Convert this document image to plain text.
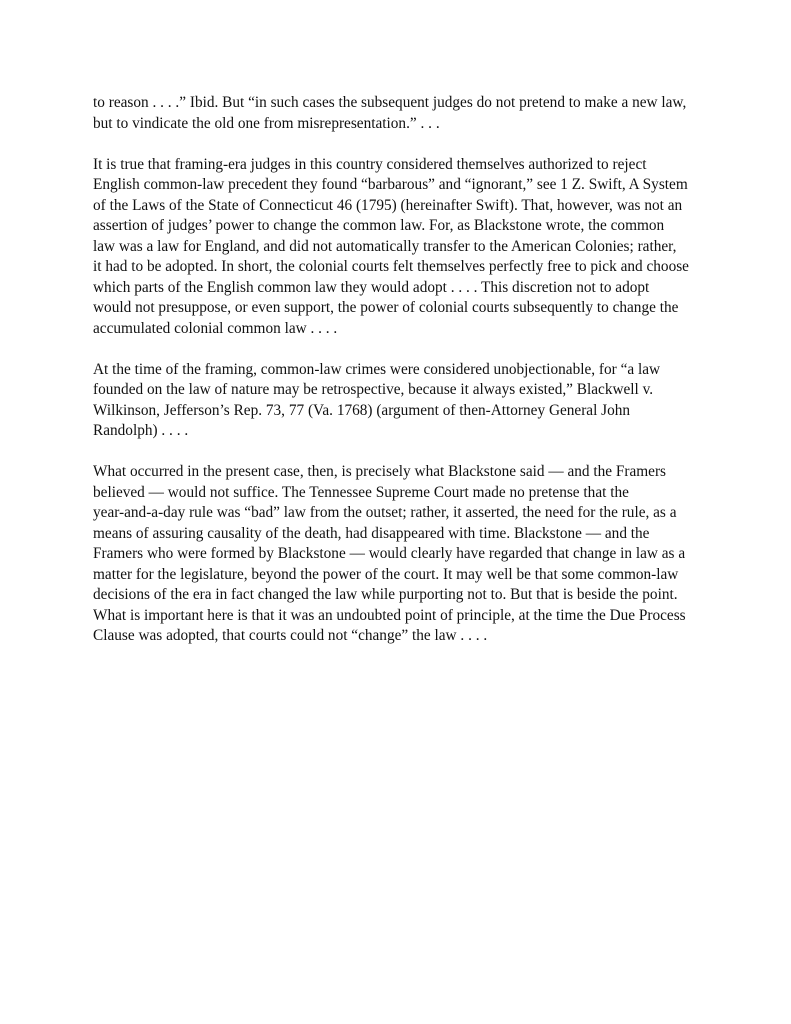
to reason . . . .” Ibid. But “in such cases the subsequent judges do not pretend to make a new law,
but to vindicate the old one from misrepresentation.” . . .

It is true that framing-era judges in this country considered themselves authorized to reject
English common-law precedent they found “barbarous” and “ignorant,” see 1 Z. Swift, A System
of the Laws of the State of Connecticut 46 (1795) (hereinafter Swift). That, however, was not an
assertion of judges’ power to change the common law. For, as Blackstone wrote, the common
law was a law for England, and did not automatically transfer to the American Colonies; rather,
it had to be adopted. In short, the colonial courts felt themselves perfectly free to pick and choose
which parts of the English common law they would adopt . . . . This discretion not to adopt
would not presuppose, or even support, the power of colonial courts subsequently to change the
accumulated colonial common law . . . .

At the time of the framing, common-law crimes were considered unobjectionable, for “a law
founded on the law of nature may be retrospective, because it always existed,” Blackwell v.
Wilkinson, Jefferson’s Rep. 73, 77 (Va. 1768) (argument of then-Attorney General John
Randolph) . . . .

What occurred in the present case, then, is precisely what Blackstone said — and the Framers
believed — would not suffice. The Tennessee Supreme Court made no pretense that the
year-and-a-day rule was “bad” law from the outset; rather, it asserted, the need for the rule, as a
means of assuring causality of the death, had disappeared with time. Blackstone — and the
Framers who were formed by Blackstone — would clearly have regarded that change in law as a
matter for the legislature, beyond the power of the court. It may well be that some common-law
decisions of the era in fact changed the law while purporting not to. But that is beside the point.
What is important here is that it was an undoubted point of principle, at the time the Due Process
Clause was adopted, that courts could not “change” the law . . . .
